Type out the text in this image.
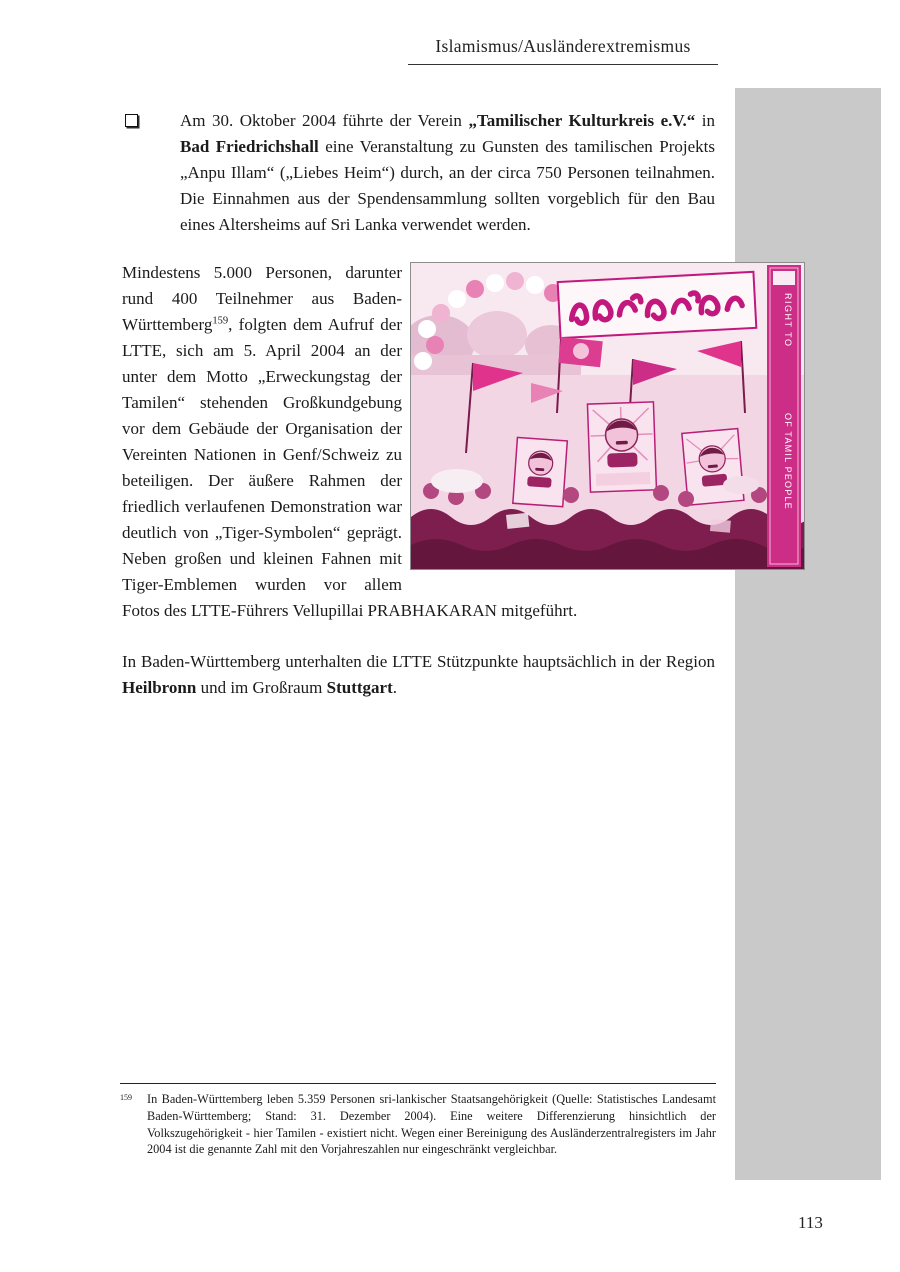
Islamismus/Ausländerextremismus
Am 30. Oktober 2004 führte der Verein „Tamilischer Kulturkreis e.V.“ in Bad Friedrichshall eine Veranstaltung zu Gunsten des tamilischen Projekts „Anpu Illam“ („Liebes Heim“) durch, an der circa 750 Personen teilnahmen. Die Einnahmen aus der Spendensammlung sollten vorgeblich für den Bau eines Altersheims auf Sri Lanka verwendet werden.
RIGHT TO
OF TAMIL PEOPLE
Mindestens 5.000 Personen, darunter rund 400 Teilnehmer aus Baden-Württemberg$^{159}$, folgten dem Aufruf der LTTE, sich am 5. April 2004 an der unter dem Motto „Erweckungstag der Tamilen“ stehenden Großkundgebung vor dem Gebäude der Organisation der Vereinten Nationen in Genf/Schweiz zu beteiligen. Der äußere Rahmen der friedlich verlaufenen Demonstration war deutlich von „Tiger-Symbolen“ geprägt. Neben großen und kleinen Fahnen mit Tiger-Emblemen wurden vor allem Fotos des LTTE-Führers Vellupillai PRABHAKARAN mitgeführt.
In Baden-Württemberg unterhalten die LTTE Stützpunkte hauptsächlich in der Region Heilbronn und im Großraum Stuttgart.
159	In Baden-Württemberg leben 5.359 Personen sri-lankischer Staatsangehörigkeit (Quelle: Statistisches Landesamt Baden-Württemberg; Stand: 31. Dezember 2004). Eine weitere Differenzierung hinsichtlich der Volkszugehörigkeit - hier Tamilen - existiert nicht. Wegen einer Bereinigung des Ausländerzentralregisters im Jahr 2004 ist die genannte Zahl mit den Vorjahreszahlen nur eingeschränkt vergleichbar.
113
